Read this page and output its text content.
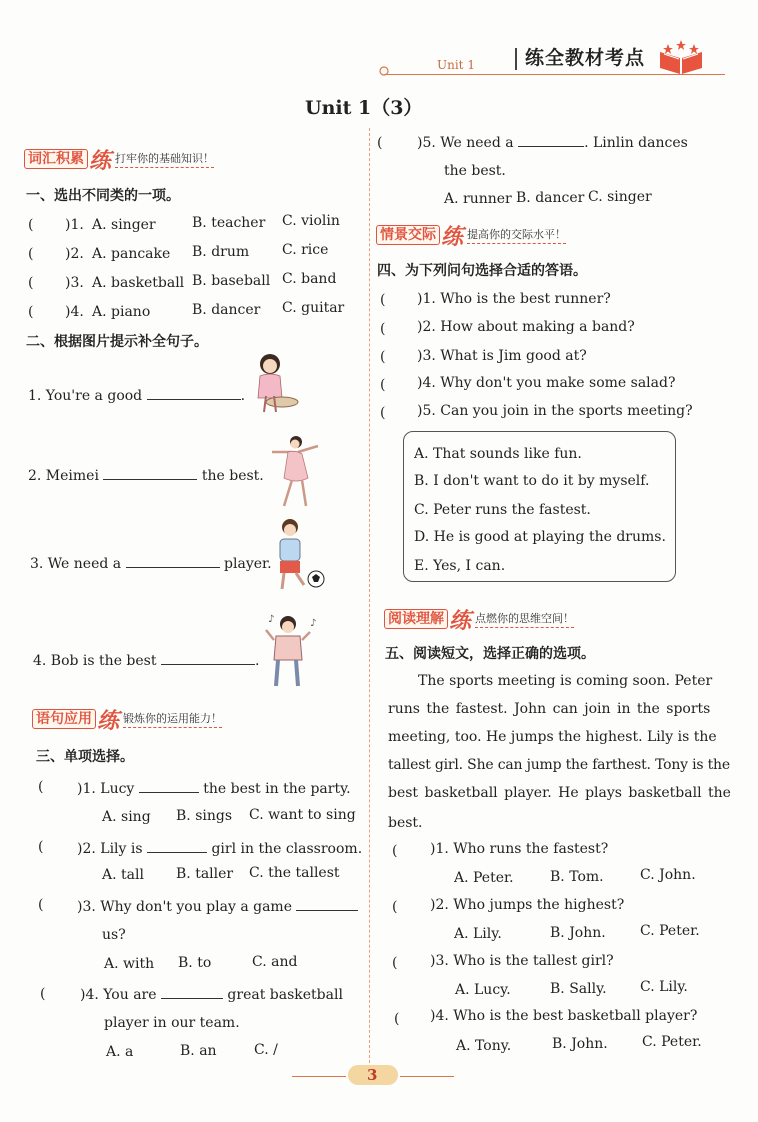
Unit 1	练全教材考点
Unit 1（3）
词汇积累 练 打牢你的基础知识！
一、选出不同类的一项。
( )1. A. singer	B. teacher C. violin
( )2. A. pancake B. drum C. rice
( )3. A. basketball B. baseball C. band
( )4. A. piano	B. dancer C. guitar
二、根据图片提示补全句子。
1. You're a good	.
2. Meimei	the best.
3. We need a	player.
4. Bob is the best	.
♪
♪
语句应用 练 锻炼你的运用能力！
三、单项选择。
( )1. Lucy	the best in the party.
A. sing B. sings C. want to sing
( )2. Lily is	girl in the classroom.
A. tall B. taller C. the tallest
( )3. Why don't you play a game
us?
A. with B. to	C. and
( )4. You are	great basketball
player in our team.
A. a	B. an	C. /
( )5. We need a	. Linlin dances
the best.
A. runner B. dancer C. singer
情景交际 练 提高你的交际水平！
四、为下列问句选择合适的答语。
( )1. Who is the best runner?
( )2. How about making a band?
( )3. What is Jim good at?
( )4. Why don't you make some salad?
( )5. Can you join in the sports meeting?
A. That sounds like fun.
B. I don't want to do it by myself.
C. Peter runs the fastest.
D. He is good at playing the drums.
E. Yes, I can.
阅读理解 练 点燃你的思维空间！
五、阅读短文，选择正确的选项。
The sports meeting is coming soon. Peter
runs the fastest. John can join in the sports
meeting, too. He jumps the highest. Lily is the
tallest girl. She can jump the farthest. Tony is the
best basketball player. He plays basketball the
best.
( )1. Who runs the fastest?
A. Peter.	B. Tom.	C. John.
( )2. Who jumps the highest?
A. Lily.	B. John. C. Peter.
( )3. Who is the tallest girl?
A. Lucy.	B. Sally. C. Lily.
( )4. Who is the best basketball player?
A. Tony.	B. John. C. Peter.
3
